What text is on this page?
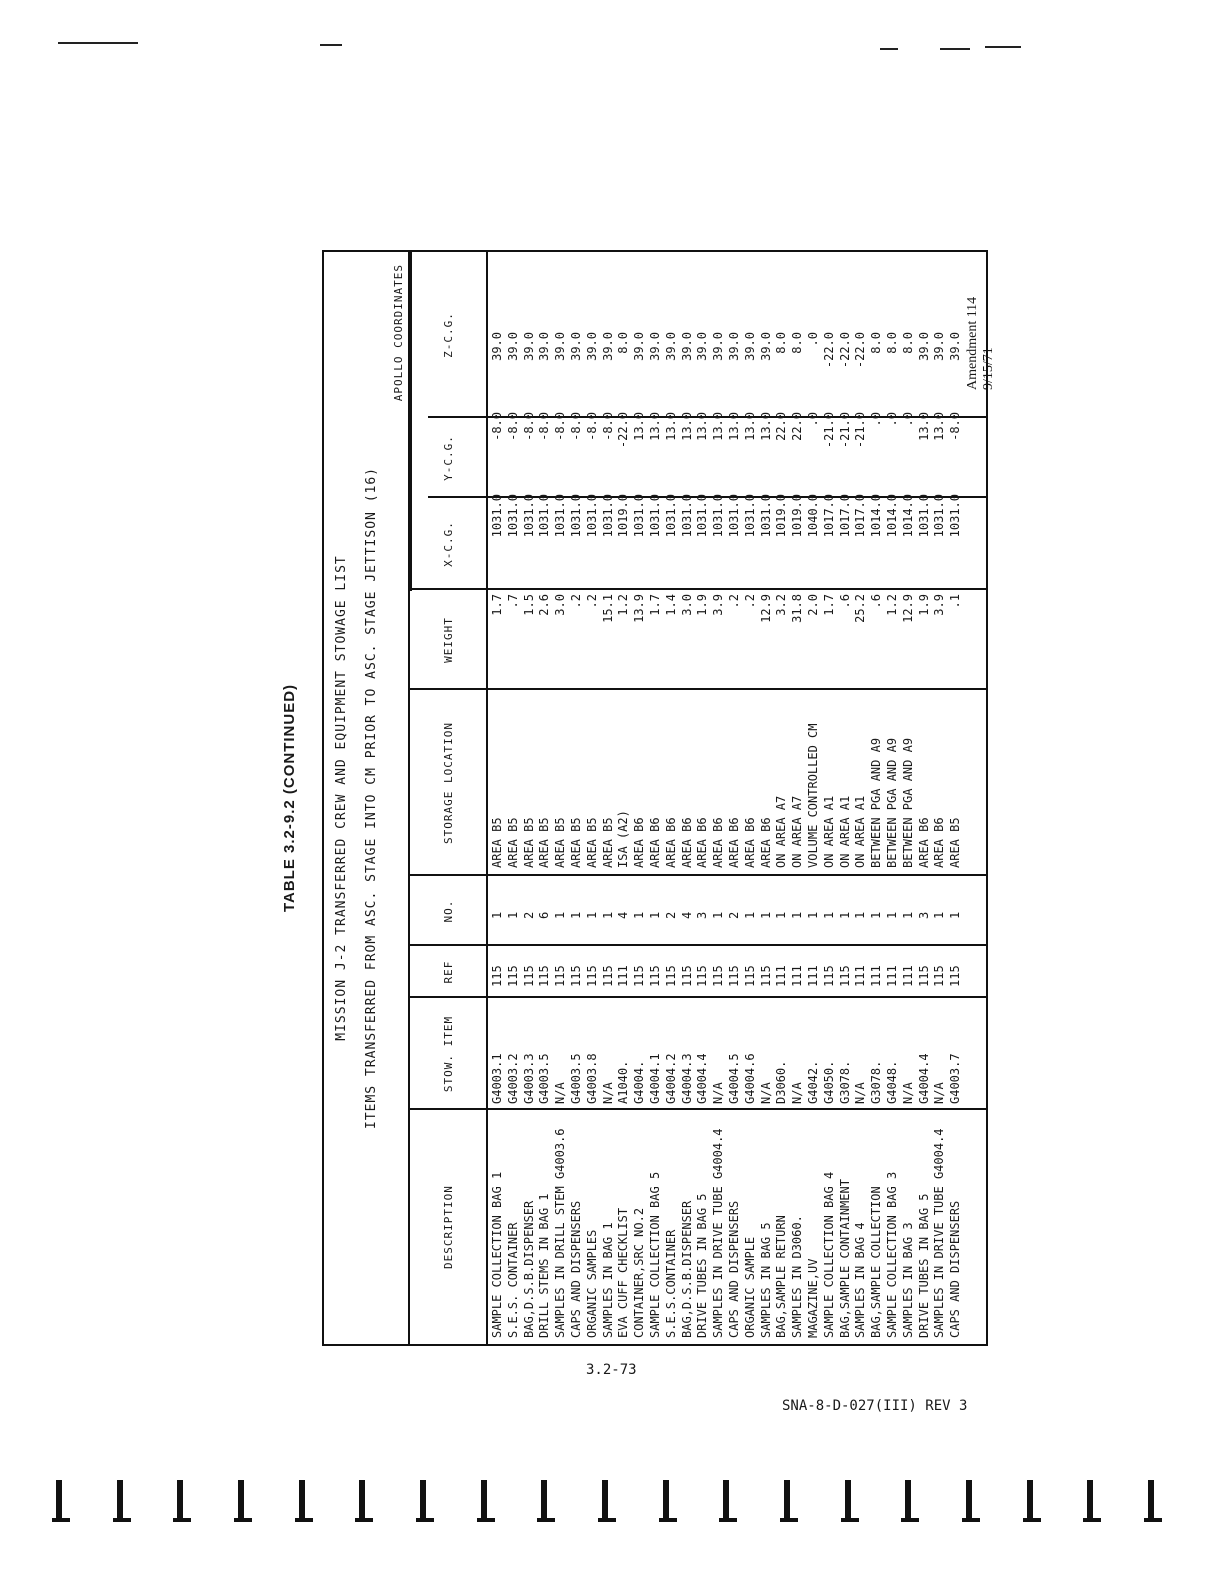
Amendment 114 9/15/71
TABLE 3.2-9.2 (CONTINUED)	MISSION J-2 TRANSFERRED CREW AND EQUIPMENT STOWAGE LIST ITEMS TRANSFERRED FROM ASC. STAGE INTO CM PRIOR TO ASC. STAGE JETTISON (16)
APOLLO COORDINATES
DESCRIPTION
STOW. ITEM
REF
NO.
STORAGE LOCATION
WEIGHT
X-C.G.
Y-C.G.
Z-C.G.
SAMPLE COLLECTION BAG 1
G4003.1
115
1
AREA B5
1.7
1031.0
-8.0
39.0
S.E.S. CONTAINER
G4003.2
115
1
AREA B5
.7
1031.0
-8.0
39.0
BAG,D.S.B.DISPENSER
G4003.3
115
2
AREA B5
1.5
1031.0
-8.0
39.0
DRILL STEMS IN BAG 1
G4003.5
115
6
AREA B5
2.6
1031.0
-8.0
39.0
SAMPLES IN DRILL STEM G4003.6
N/A
115
1
AREA B5
3.0
1031.0
-8.0
39.0
CAPS AND DISPENSERS
G4003.5
115
1
AREA B5
.2
1031.0
-8.0
39.0
ORGANIC SAMPLES
G4003.8
115
1
AREA B5
.2
1031.0
-8.0
39.0
SAMPLES IN BAG 1
N/A
115
1
AREA B5
15.1
1031.0
-8.0
39.0
EVA CUFF CHECKLIST
A1040.
111
4
ISA (A2)
1.2
1019.0
-22.0
8.0
CONTAINER,SRC NO.2
G4004.
115
1
AREA B6
13.9
1031.0
13.0
39.0
SAMPLE COLLECTION BAG 5
G4004.1
115
1
AREA B6
1.7
1031.0
13.0
39.0
S.E.S.CONTAINER
G4004.2
115
2
AREA B6
1.4
1031.0
13.0
39.0
BAG,D.S.B.DISPENSER
G4004.3
115
4
AREA B6
3.0
1031.0
13.0
39.0
DRIVE TUBES IN BAG 5
G4004.4
115
3
AREA B6
1.9
1031.0
13.0
39.0
SAMPLES IN DRIVE TUBE G4004.4
N/A
115
1
AREA B6
3.9
1031.0
13.0
39.0
CAPS AND DISPENSERS
G4004.5
115
2
AREA B6
.2
1031.0
13.0
39.0
ORGANIC SAMPLE
G4004.6
115
1
AREA B6
.2
1031.0
13.0
39.0
SAMPLES IN BAG 5
N/A
115
1
AREA B6
12.9
1031.0
13.0
39.0
BAG,SAMPLE RETURN
D3060.
111
1
ON AREA A7
3.2
1019.0
22.0
8.0
SAMPLES IN D3060.
N/A
111
1
ON AREA A7
31.8
1019.0
22.0
8.0
MAGAZINE,UV
G4042.
111
1
VOLUME CONTROLLED CM
2.0
1040.0
.0
.0
SAMPLE COLLECTION BAG 4
G4050.
115
1
ON AREA A1
1.7
1017.0
-21.0
-22.0
BAG,SAMPLE CONTAINMENT
G3078.
115
1
ON AREA A1
.6
1017.0
-21.0
-22.0
SAMPLES IN BAG 4
N/A
111
1
ON AREA A1
25.2
1017.0
-21.0
-22.0
BAG,SAMPLE COLLECTION
G3078.
111
1
BETWEEN PGA AND A9
.6
1014.0
.0
8.0
SAMPLE COLLECTION BAG 3
G4048.
111
1
BETWEEN PGA AND A9
1.2
1014.0
.0
8.0
SAMPLES IN BAG 3
N/A
111
1
BETWEEN PGA AND A9
12.9
1014.0
.0
8.0
DRIVE TUBES IN BAG 5
G4004.4
115
3
AREA B6
1.9
1031.0
13.0
39.0
SAMPLES IN DRIVE TUBE G4004.4
N/A
115
1
AREA B6
3.9
1031.0
13.0
39.0
CAPS AND DISPENSERS
G4003.7
115
1
AREA B5
.1
1031.0
-8.0
39.0
3.2-73
SNA-8-D-027(III) REV 3
